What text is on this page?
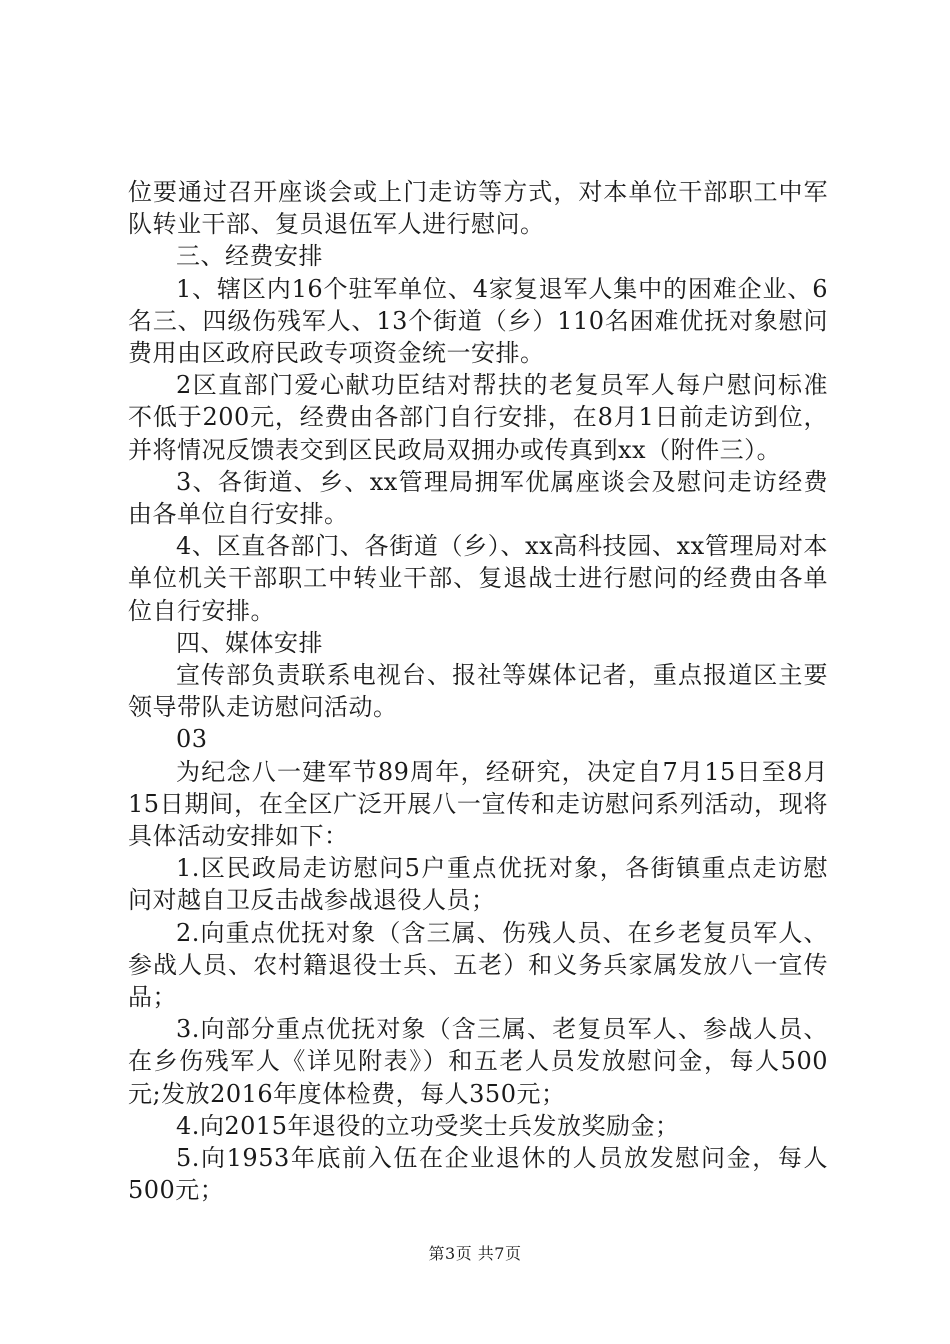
位要通过召开座谈会或上门走访等方式，对本单位干部职工中军队转业干部、复员退伍军人进行慰问。

三、经费安排

1、辖区内16个驻军单位、4家复退军人集中的困难企业、6名三、四级伤残军人、13个街道（乡）110名困难优抚对象慰问费用由区政府民政专项资金统一安排。

2区直部门爱心献功臣结对帮扶的老复员军人每户慰问标准不低于200元，经费由各部门自行安排，在8月1日前走访到位，并将情况反馈表交到区民政局双拥办或传真到xx（附件三）。

3、各街道、乡、xx管理局拥军优属座谈会及慰问走访经费由各单位自行安排。

4、区直各部门、各街道（乡）、xx高科技园、xx管理局对本单位机关干部职工中转业干部、复退战士进行慰问的经费由各单位自行安排。

四、媒体安排

宣传部负责联系电视台、报社等媒体记者，重点报道区主要领导带队走访慰问活动。

03

为纪念八一建军节89周年，经研究，决定自7月15日至8月15日期间，在全区广泛开展八一宣传和走访慰问系列活动，现将具体活动安排如下：

1.区民政局走访慰问5户重点优抚对象，各街镇重点走访慰问对越自卫反击战参战退役人员；

2.向重点优抚对象（含三属、伤残人员、在乡老复员军人、参战人员、农村籍退役士兵、五老）和义务兵家属发放八一宣传品；

3.向部分重点优抚对象（含三属、老复员军人、参战人员、在乡伤残军人《详见附表》）和五老人员发放慰问金，每人500元;发放2016年度体检费，每人350元；

4.向2015年退役的立功受奖士兵发放奖励金；

5.向1953年底前入伍在企业退休的人员放发慰问金，每人500元；

第3页 共7页
